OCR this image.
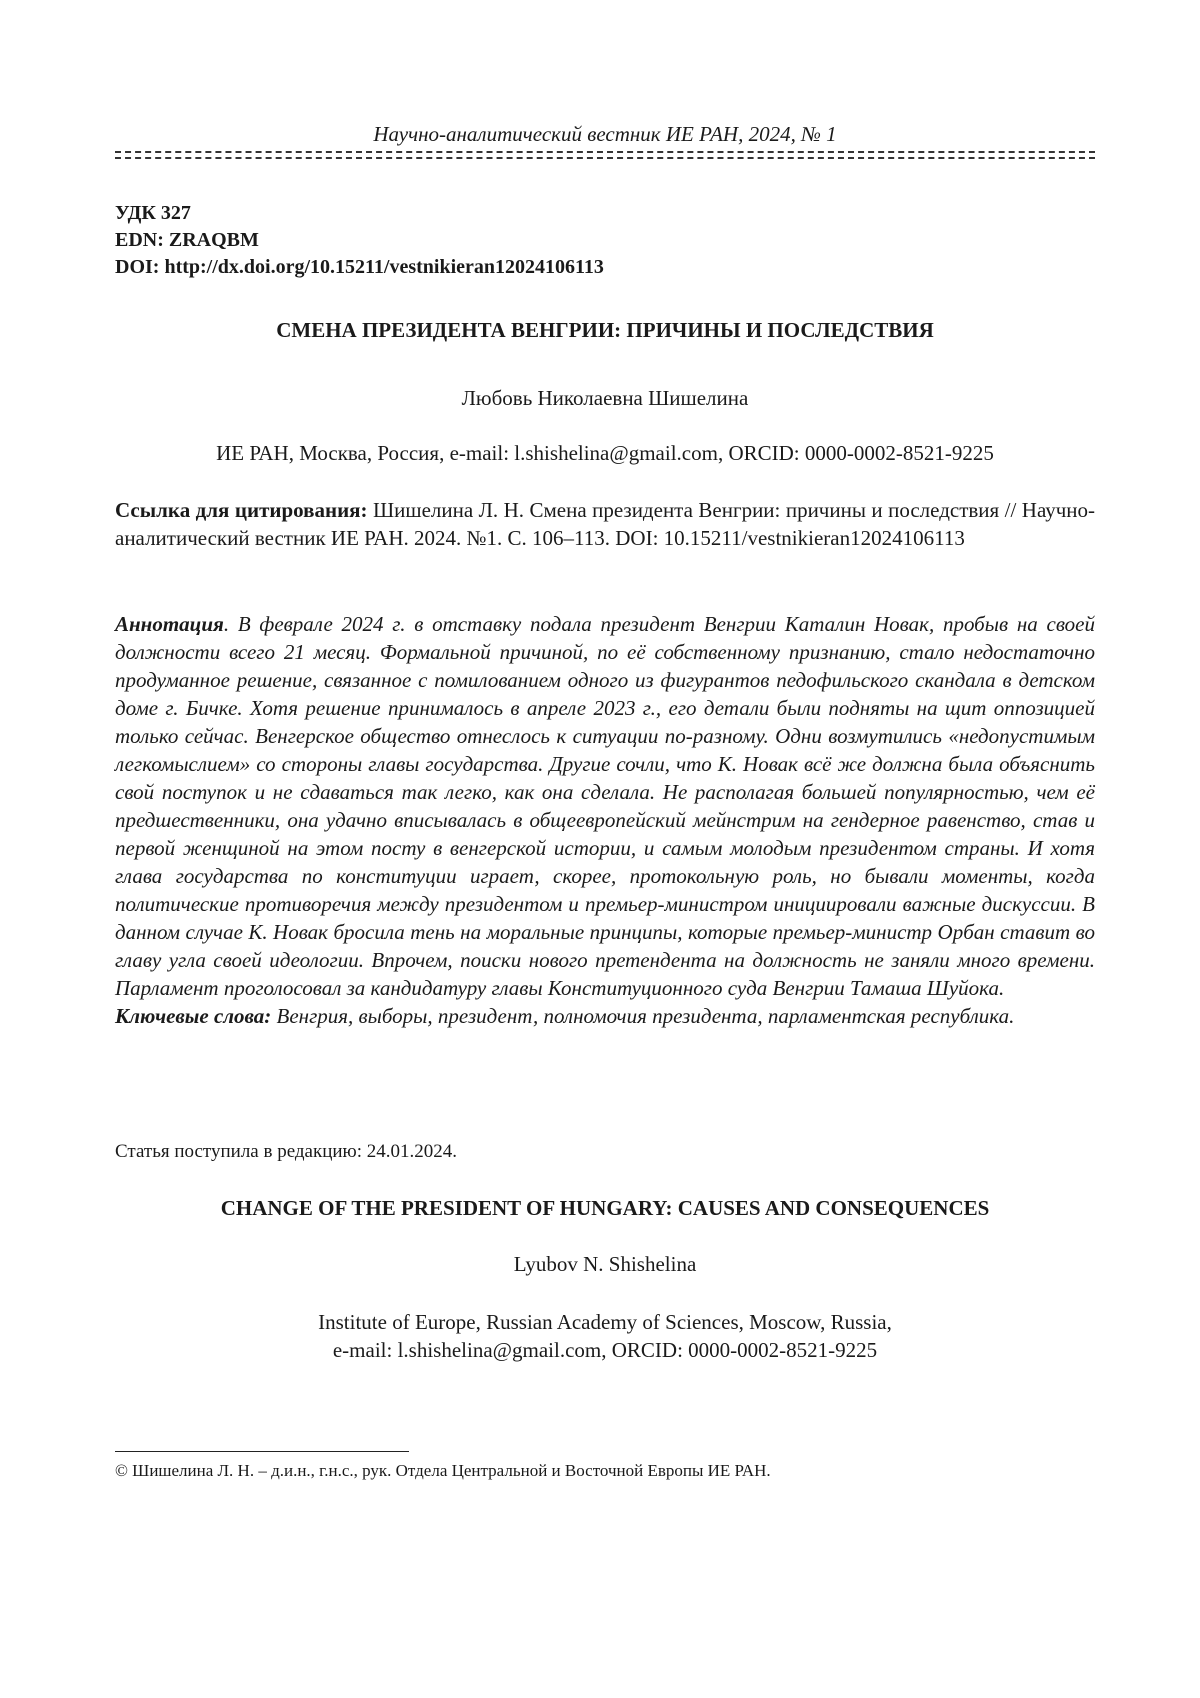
Научно-аналитический вестник ИЕ РАН, 2024, № 1
УДК 327
EDN: ZRAQBM
DOI: http://dx.doi.org/10.15211/vestnikieran12024106113
СМЕНА ПРЕЗИДЕНТА ВЕНГРИИ: ПРИЧИНЫ И ПОСЛЕДСТВИЯ
Любовь Николаевна Шишелина
ИЕ РАН, Москва, Россия, e-mail: l.shishelina@gmail.com, ORCID: 0000-0002-8521-9225
Ссылка для цитирования: Шишелина Л. Н. Смена президента Венгрии: причины и последствия // Научно-аналитический вестник ИЕ РАН. 2024. №1. С. 106–113. DOI: 10.15211/vestnikieran12024106113
Аннотация. В феврале 2024 г. в отставку подала президент Венгрии Каталин Новак, пробыв на своей должности всего 21 месяц. Формальной причиной, по её собственному признанию, стало недостаточно продуманное решение, связанное с помилованием одного из фигурантов педофильского скандала в детском доме г. Бичке. Хотя решение принималось в апреле 2023 г., его детали были подняты на щит оппозицией только сейчас. Венгерское общество отнеслось к ситуации по-разному. Одни возмутились «недопустимым легкомыслием» со стороны главы государства. Другие сочли, что К. Новак всё же должна была объяснить свой поступок и не сдаваться так легко, как она сделала. Не располагая большей популярностью, чем её предшественники, она удачно вписывалась в общеевропейский мейнстрим на гендерное равенство, став и первой женщиной на этом посту в венгерской истории, и самым молодым президентом страны. И хотя глава государства по конституции играет, скорее, протокольную роль, но бывали моменты, когда политические противоречия между президентом и премьер-министром инициировали важные дискуссии. В данном случае К. Новак бросила тень на моральные принципы, которые премьер-министр Орбан ставит во главу угла своей идеологии. Впрочем, поиски нового претендента на должность не заняли много времени. Парламент проголосовал за кандидатуру главы Конституционного суда Венгрии Тамаша Шуйока.
Ключевые слова: Венгрия, выборы, президент, полномочия президента, парламентская республика.
Статья поступила в редакцию: 24.01.2024.
CHANGE OF THE PRESIDENT OF HUNGARY: CAUSES AND CONSEQUENCES
Lyubov N. Shishelina
Institute of Europe, Russian Academy of Sciences, Moscow, Russia,
e-mail: l.shishelina@gmail.com, ORCID: 0000-0002-8521-9225
© Шишелина Л. Н. – д.и.н., г.н.с., рук. Отдела Центральной и Восточной Европы ИЕ РАН.
